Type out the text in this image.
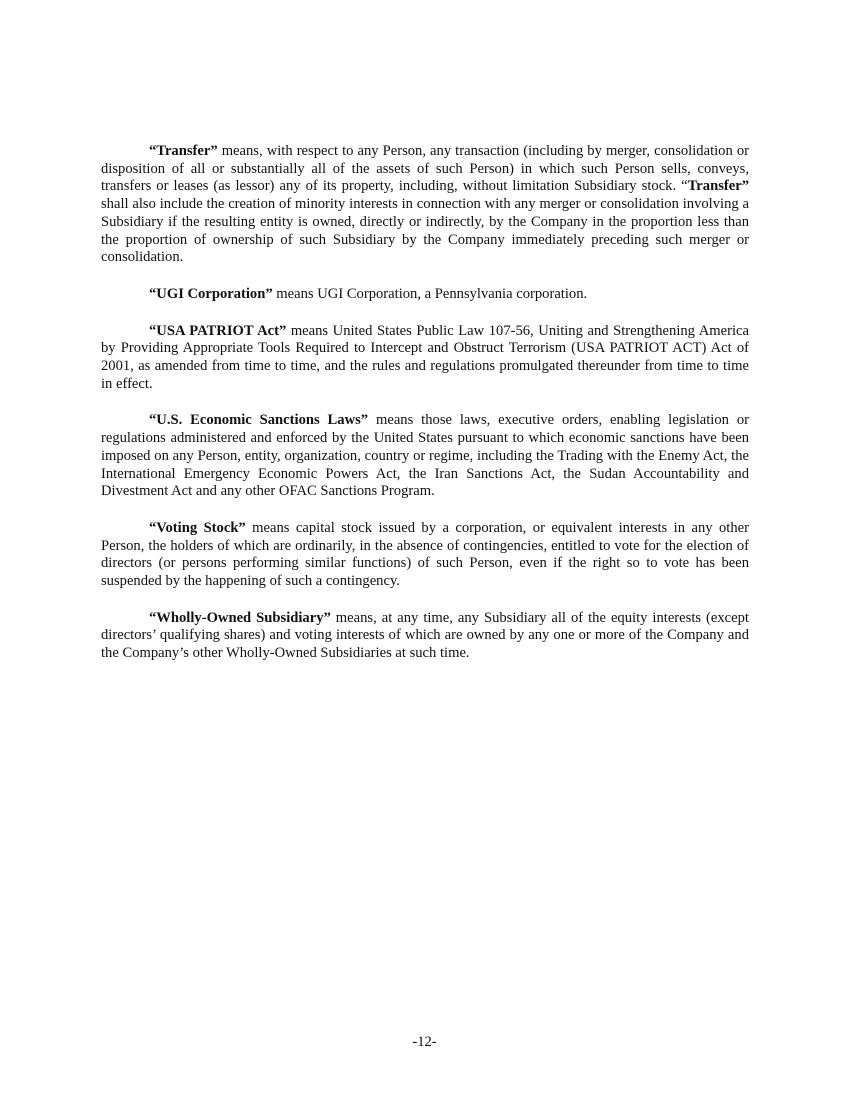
“Transfer” means, with respect to any Person, any transaction (including by merger, consolidation or disposition of all or substantially all of the assets of such Person) in which such Person sells, conveys, transfers or leases (as lessor) any of its property, including, without limitation Subsidiary stock. “Transfer” shall also include the creation of minority interests in connection with any merger or consolidation involving a Subsidiary if the resulting entity is owned, directly or indirectly, by the Company in the proportion less than the proportion of ownership of such Subsidiary by the Company immediately preceding such merger or consolidation.

“UGI Corporation” means UGI Corporation, a Pennsylvania corporation.

“USA PATRIOT Act” means United States Public Law 107-56, Uniting and Strengthening America by Providing Appropriate Tools Required to Intercept and Obstruct Terrorism (USA PATRIOT ACT) Act of 2001, as amended from time to time, and the rules and regulations promulgated thereunder from time to time in effect.

“U.S. Economic Sanctions Laws” means those laws, executive orders, enabling legislation or regulations administered and enforced by the United States pursuant to which economic sanctions have been imposed on any Person, entity, organization, country or regime, including the Trading with the Enemy Act, the International Emergency Economic Powers Act, the Iran Sanctions Act, the Sudan Accountability and Divestment Act and any other OFAC Sanctions Program.

“Voting Stock” means capital stock issued by a corporation, or equivalent interests in any other Person, the holders of which are ordinarily, in the absence of contingencies, entitled to vote for the election of directors (or persons performing similar functions) of such Person, even if the right so to vote has been suspended by the happening of such a contingency.

“Wholly-Owned Subsidiary” means, at any time, any Subsidiary all of the equity interests (except directors’ qualifying shares) and voting interests of which are owned by any one or more of the Company and the Company’s other Wholly-Owned Subsidiaries at such time.

-12-
